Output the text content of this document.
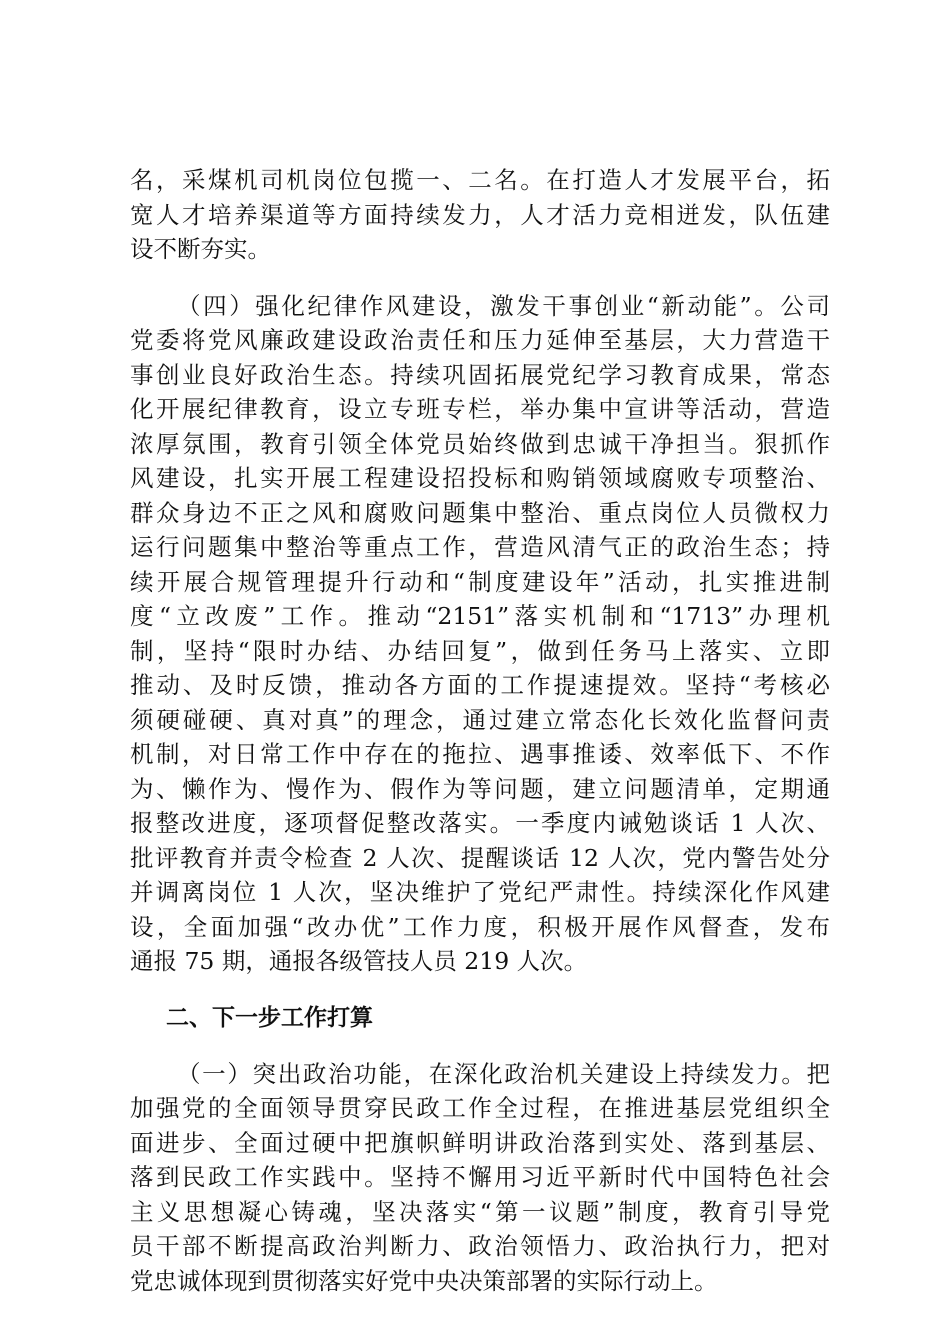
名，采煤机司机岗位包揽一、二名。在打造人才发展平台，拓
宽人才培养渠道等方面持续发力，人才活力竞相迸发，队伍建
设不断夯实。
（四）强化纪律作风建设，激发干事创业“新动能”。公司
党委将党风廉政建设政治责任和压力延伸至基层，大力营造干
事创业良好政治生态。持续巩固拓展党纪学习教育成果，常态
化开展纪律教育，设立专班专栏，举办集中宣讲等活动，营造
浓厚氛围，教育引领全体党员始终做到忠诚干净担当。狠抓作
风建设，扎实开展工程建设招投标和购销领域腐败专项整治、
群众身边不正之风和腐败问题集中整治、重点岗位人员微权力
运行问题集中整治等重点工作，营造风清气正的政治生态；持
续开展合规管理提升行动和“制度建设年”活动，扎实推进制
度“立改废”工作。推动“2151”落实机制和“1713”办理机
制，坚持“限时办结、办结回复”，做到任务马上落实、立即
推动、及时反馈，推动各方面的工作提速提效。坚持“考核必
须硬碰硬、真对真”的理念，通过建立常态化长效化监督问责
机制，对日常工作中存在的拖拉、遇事推诿、效率低下、不作
为、懒作为、慢作为、假作为等问题，建立问题清单，定期通
报整改进度，逐项督促整改落实。一季度内诫勉谈话 1 人次、
批评教育并责令检查 2 人次、提醒谈话 12 人次，党内警告处分
并调离岗位 1 人次，坚决维护了党纪严肃性。持续深化作风建
设，全面加强“改办优”工作力度，积极开展作风督查，发布
通报 75 期，通报各级管技人员 219 人次。
二、下一步工作打算
（一）突出政治功能，在深化政治机关建设上持续发力。把
加强党的全面领导贯穿民政工作全过程，在推进基层党组织全
面进步、全面过硬中把旗帜鲜明讲政治落到实处、落到基层、
落到民政工作实践中。坚持不懈用习近平新时代中国特色社会
主义思想凝心铸魂，坚决落实“第一议题”制度，教育引导党
员干部不断提高政治判断力、政治领悟力、政治执行力，把对
党忠诚体现到贯彻落实好党中央决策部署的实际行动上。
